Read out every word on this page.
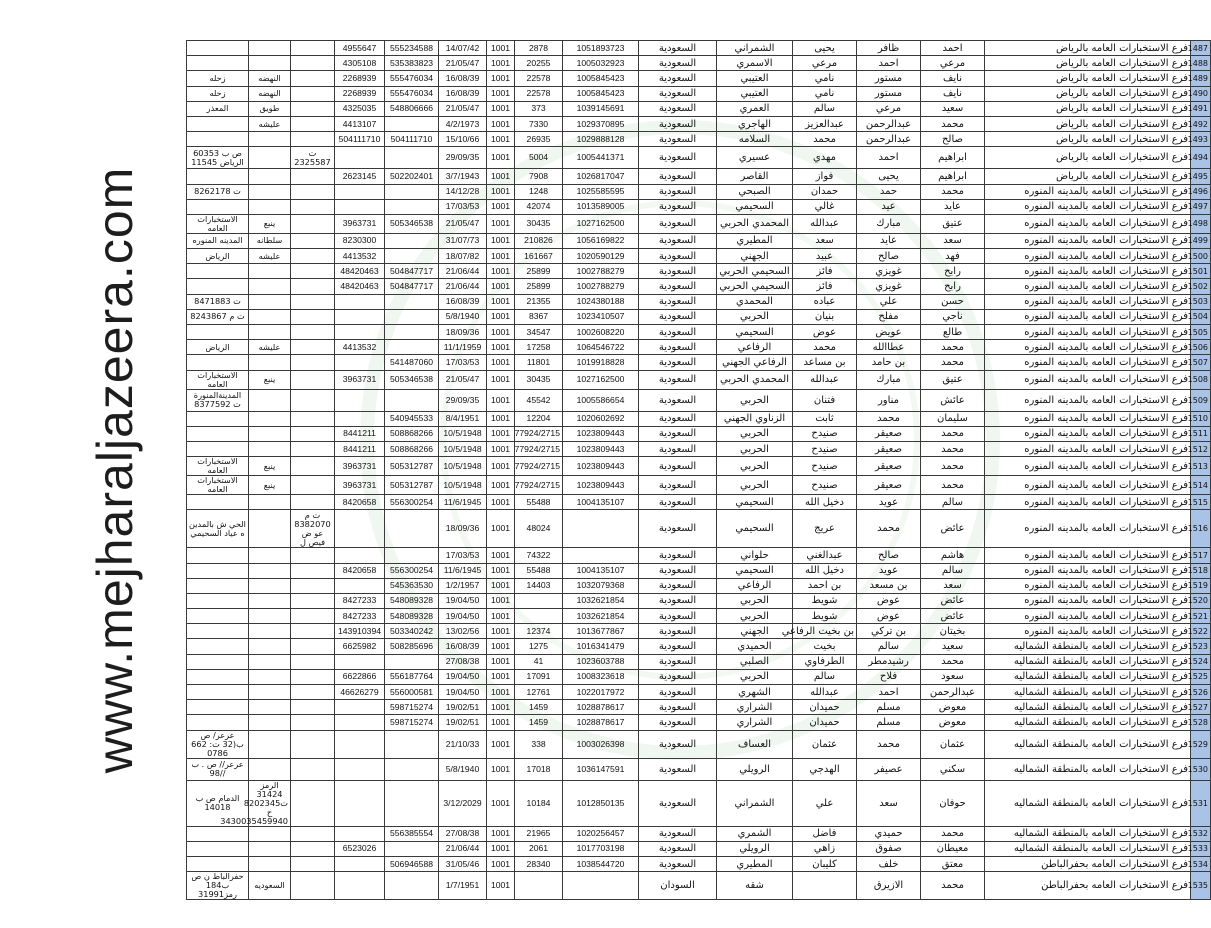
www.mejharaljazeera.com
1487	فرع الاستخبارات العامه بالرياض	احمد	ظافر	يحيى	الشمراني	السعودية	1051893723	2878	1001	14/07/42	555234588	4955647			
1488	فرع الاستخبارات العامه بالرياض	مرعي	احمد	مرعي	الاسمري	السعودية	1005032923	20255	1001	21/05/47	535383823	4305108			
1489	فرع الاستخبارات العامه بالرياض	نايف	مستور	نامي	العتيبي	السعودية	1005845423	22578	1001	16/08/39	555476034	2268939		النهضه	زحله
1490	فرع الاستخبارات العامه بالرياض	نايف	مستور	نامي	العتيبي	السعودية	1005845423	22578	1001	16/08/39	555476034	2268939		النهضه	زحله
1491	فرع الاستخبارات العامه بالرياض	سعيد	مرعي	سالم	العمري	السعودية	1039145691	373	1001	21/05/47	548806666	4325035		طويق	المعذر
1492	فرع الاستخبارات العامه بالرياض	محمد	عبدالرحمن	عبدالعزيز	الهاجري	السعودية	1029370895	7330	1001	4/2/1973		4413107		عليشه	
1493	فرع الاستخبارات العامه بالرياض	صالح	عبدالرحمن	محمد	السلامه	السعودية	1029888128	26935	1001	15/10/66	504111710	504111710			
1494	فرع الاستخبارات العامه بالرياض	ابراهيم	احمد	مهدي	عسيري	السعودية	1005441371	5004	1001	29/09/35			ت 2325587		ص ب 60353 الرياض 11545
1495	فرع الاستخبارات العامه بالرياض	ابراهيم	يحيى	فواز	القاصر	السعودية	1026817047	7908	1001	3/7/1943	502202401	2623145			
1496	فرع الاستخبارات العامه بالمدينه المنوره	محمد	حمد	حمدان	الصبحي	السعودية	1025585595	1248	1001	14/12/28					ت 8262178
1497	فرع الاستخبارات العامه بالمدينه المنوره	عايد	عيد	غالي	السحيمي	السعودية	1013589005	42074	1001	17/03/53					
1498	فرع الاستخبارات العامه بالمدينه المنوره	عتيق	مبارك	عبدالله	المحمدي الحربي	السعودية	1027162500	30435	1001	21/05/47	505346538	3963731		ينبع	الاستخبارات العامه
1499	فرع الاستخبارات العامه بالمدينه المنوره	سعد	عايد	سعد	المطيري	السعودية	1056169822	210826	1001	31/07/73		8230300		سلطانه	المدينه المنوره
1500	فرع الاستخبارات العامه بالمدينه المنوره	فهد	صالح	عبيد	الجهني	السعودية	1020590129	161667	1001	18/07/82		4413532		عليشه	الرياض
1501	فرع الاستخبارات العامه بالمدينه المنوره	رابح	غويزي	فائز	السحيمي الحربي	السعودية	1002788279	25899	1001	21/06/44	504847717	48420463			
1502	فرع الاستخبارات العامه بالمدينه المنوره	رابح	غويزي	فائز	السحيمي الحربي	السعودية	1002788279	25899	1001	21/06/44	504847717	48420463			
1503	فرع الاستخبارات العامه بالمدينه المنوره	حسن	علي	عباده	المحمدي	السعودية	1024380188	21355	1001	16/08/39					ت 8471883
1504	فرع الاستخبارات العامه بالمدينه المنوره	ناجي	مفلح	بنيان	الحربي	السعودية	1023410507	8367	1001	5/8/1940					ت م 8243867
1505	فرع الاستخبارات العامه بالمدينه المنوره	طالع	عويض	عوض	السحيمي	السعودية	1002608220	34547	1001	18/09/36					
1506	فرع الاستخبارات العامه بالمدينه المنوره	محمد	عطاالله	محمد	الرفاعي	السعودية	1064546722	17258	1001	11/1/1959		4413532		عليشه	الرياض
1507	فرع الاستخبارات العامه بالمدينه المنوره	محمد	بن حامد	بن مساعد	الرفاعي الجهني	السعودية	1019918828	11801	1001	17/03/53	541487060				
1508	فرع الاستخبارات العامه بالمدينه المنوره	عتيق	مبارك	عبدالله	المحمدي الحربي	السعودية	1027162500	30435	1001	21/05/47	505346538	3963731		ينبع	الاستخبارات العامه
1509	فرع الاستخبارات العامه بالمدينه المنوره	عائش	مناور	فتنان	الحربي	السعودية	1005586654	45542	1001	29/09/35					المدينةالمنورة ت 8377592
1510	فرع الاستخبارات العامه بالمدينه المنوره	سليمان	محمد	ثابت	الزناوي الجهني	السعودية	1020602692	12204	1001	8/4/1951	540945533				
1511	فرع الاستخبارات العامه بالمدينه المنوره	محمد	صعيقر	صنيدح	الحربي	السعودية	1023809443	77924/2715	1001	10/5/1948	508868266	8441211			
1512	فرع الاستخبارات العامه بالمدينه المنوره	محمد	صعيقر	صنيدح	الحربي	السعودية	1023809443	77924/2715	1001	10/5/1948	508868266	8441211			
1513	فرع الاستخبارات العامه بالمدينه المنوره	محمد	صعيقر	صنيدح	الحربي	السعودية	1023809443	77924/2715	1001	10/5/1948	505312787	3963731		ينبع	الاستخبارات العامه
1514	فرع الاستخبارات العامه بالمدينه المنوره	محمد	صعيقر	صنيدح	الحربي	السعودية	1023809443	77924/2715	1001	10/5/1948	505312787	3963731		ينبع	الاستخبارات العامه
1515	فرع الاستخبارات العامه بالمدينه المنوره	سالم	عويد	دخيل الله	السحيمي	السعودية	1004135107	55488	1001	11/6/1945	556300254	8420658			
1516	فرع الاستخبارات العامه بالمدينه المنوره	عائض	محمد	عريج	السحيمي	السعودية		48024	1001	18/09/36			ت م 8382070 عو ض فيص ل		الحي ش بالمدين ه عياد السحيمي
1517	فرع الاستخبارات العامه بالمدينه المنوره	هاشم	صالح	عبدالغني	حلواني	السعودية		74322	1001	17/03/53					
1518	فرع الاستخبارات العامه بالمدينه المنوره	سالم	عويد	دخيل الله	السحيمي	السعودية	1004135107	55488	1001	11/6/1945	556300254	8420658			
1519	فرع الاستخبارات العامه بالمدينه المنوره	سعد	بن مسعد	بن احمد	الرفاعي	السعودية	1032079368	14403	1001	1/2/1957	545363530				
1520	فرع الاستخبارات العامه بالمدينه المنوره	عائض	عوض	شويط	الحربي	السعودية	1032621854		1001	19/04/50	548089328	8427233			
1521	فرع الاستخبارات العامه بالمدينه المنوره	عائض	عوض	شويط	الحربي	السعودية	1032621854		1001	19/04/50	548089328	8427233			
1522	فرع الاستخبارات العامه بالمدينه المنوره	بخيتان	بن تركي	بن بخيت الرفاعي	الجهني	السعودية	1013677867	12374	1001	13/02/56	503340242	143910394			
1523	فرع الاستخبارات العامه بالمنطقة الشماليه	سعيد	سالم	بخيت	الحميدي	السعودية	1016341479	1275	1001	16/08/39	508285696	6625982			
1524	فرع الاستخبارات العامه بالمنطقة الشماليه	محمد	رشيدمطر	الطرفاوي	الصلبي	السعودية	1023603788	41	1001	27/08/38					
1525	فرع الاستخبارات العامه بالمنطقة الشماليه	سعود	فلاح	سالم	الحربي	السعودية	1008323618	17091	1001	19/04/50	556187764	6622866			
1526	فرع الاستخبارات العامه بالمنطقة الشماليه	عبدالرحمن	احمد	عبدالله	الشهري	السعودية	1022017972	12761	1001	19/04/50	556000581	46626279			
1527	فرع الاستخبارات العامه بالمنطقة الشماليه	معوض	مسلم	حميدان	الشراري	السعودية	1028878617	1459	1001	19/02/51	598715274				
1528	فرع الاستخبارات العامه بالمنطقة الشماليه	معوض	مسلم	حميدان	الشراري	السعودية	1028878617	1459	1001	19/02/51	598715274				
1529	فرع الاستخبارات العامه بالمنطقة الشماليه	عثمان	محمد	عثمان	العساف	السعودية	1003026398	338	1001	21/10/33					عرعر/ ص ب(32 ت: 662 0786
1530	فرع الاستخبارات العامه بالمنطقة الشماليه	سكني	عصيفر	الهدجي	الرويلي	السعودية	1036147591	17018	1001	5/8/1940					عرعر// ص . ب //98
1531	فرع الاستخبارات العامه بالمنطقة الشماليه	حوفان	سعد	علي	الشمراني	السعودية	1012850135	10184	1001	3/12/2029				الرمز 31424 ت8202345 ح 3430035459940	الدمام ص ب 14018
1532	فرع الاستخبارات العامه بالمنطقة الشماليه	محمد	حميدي	فاضل	الشمري	السعودية	1020256457	21965	1001	27/08/38	556385554				
1533	فرع الاستخبارات العامه بالمنطقة الشماليه	معيطان	صفوق	زاهي	الرويلي	السعودية	1017703198	2061	1001	21/06/44		6523026			
1534	فرع الاستخبارات العامه بحفرالباطن	معتق	خلف	كليبان	المطيري	السعودية	1038544720	28340	1001	31/05/46	506946588				
1535	فرع الاستخبارات العامه بحفرالباطن	محمد	الازيرق		شقه	السودان			1001	1/7/1951				السعوديه	حفرالباط ن ص ب184 رمز31991
